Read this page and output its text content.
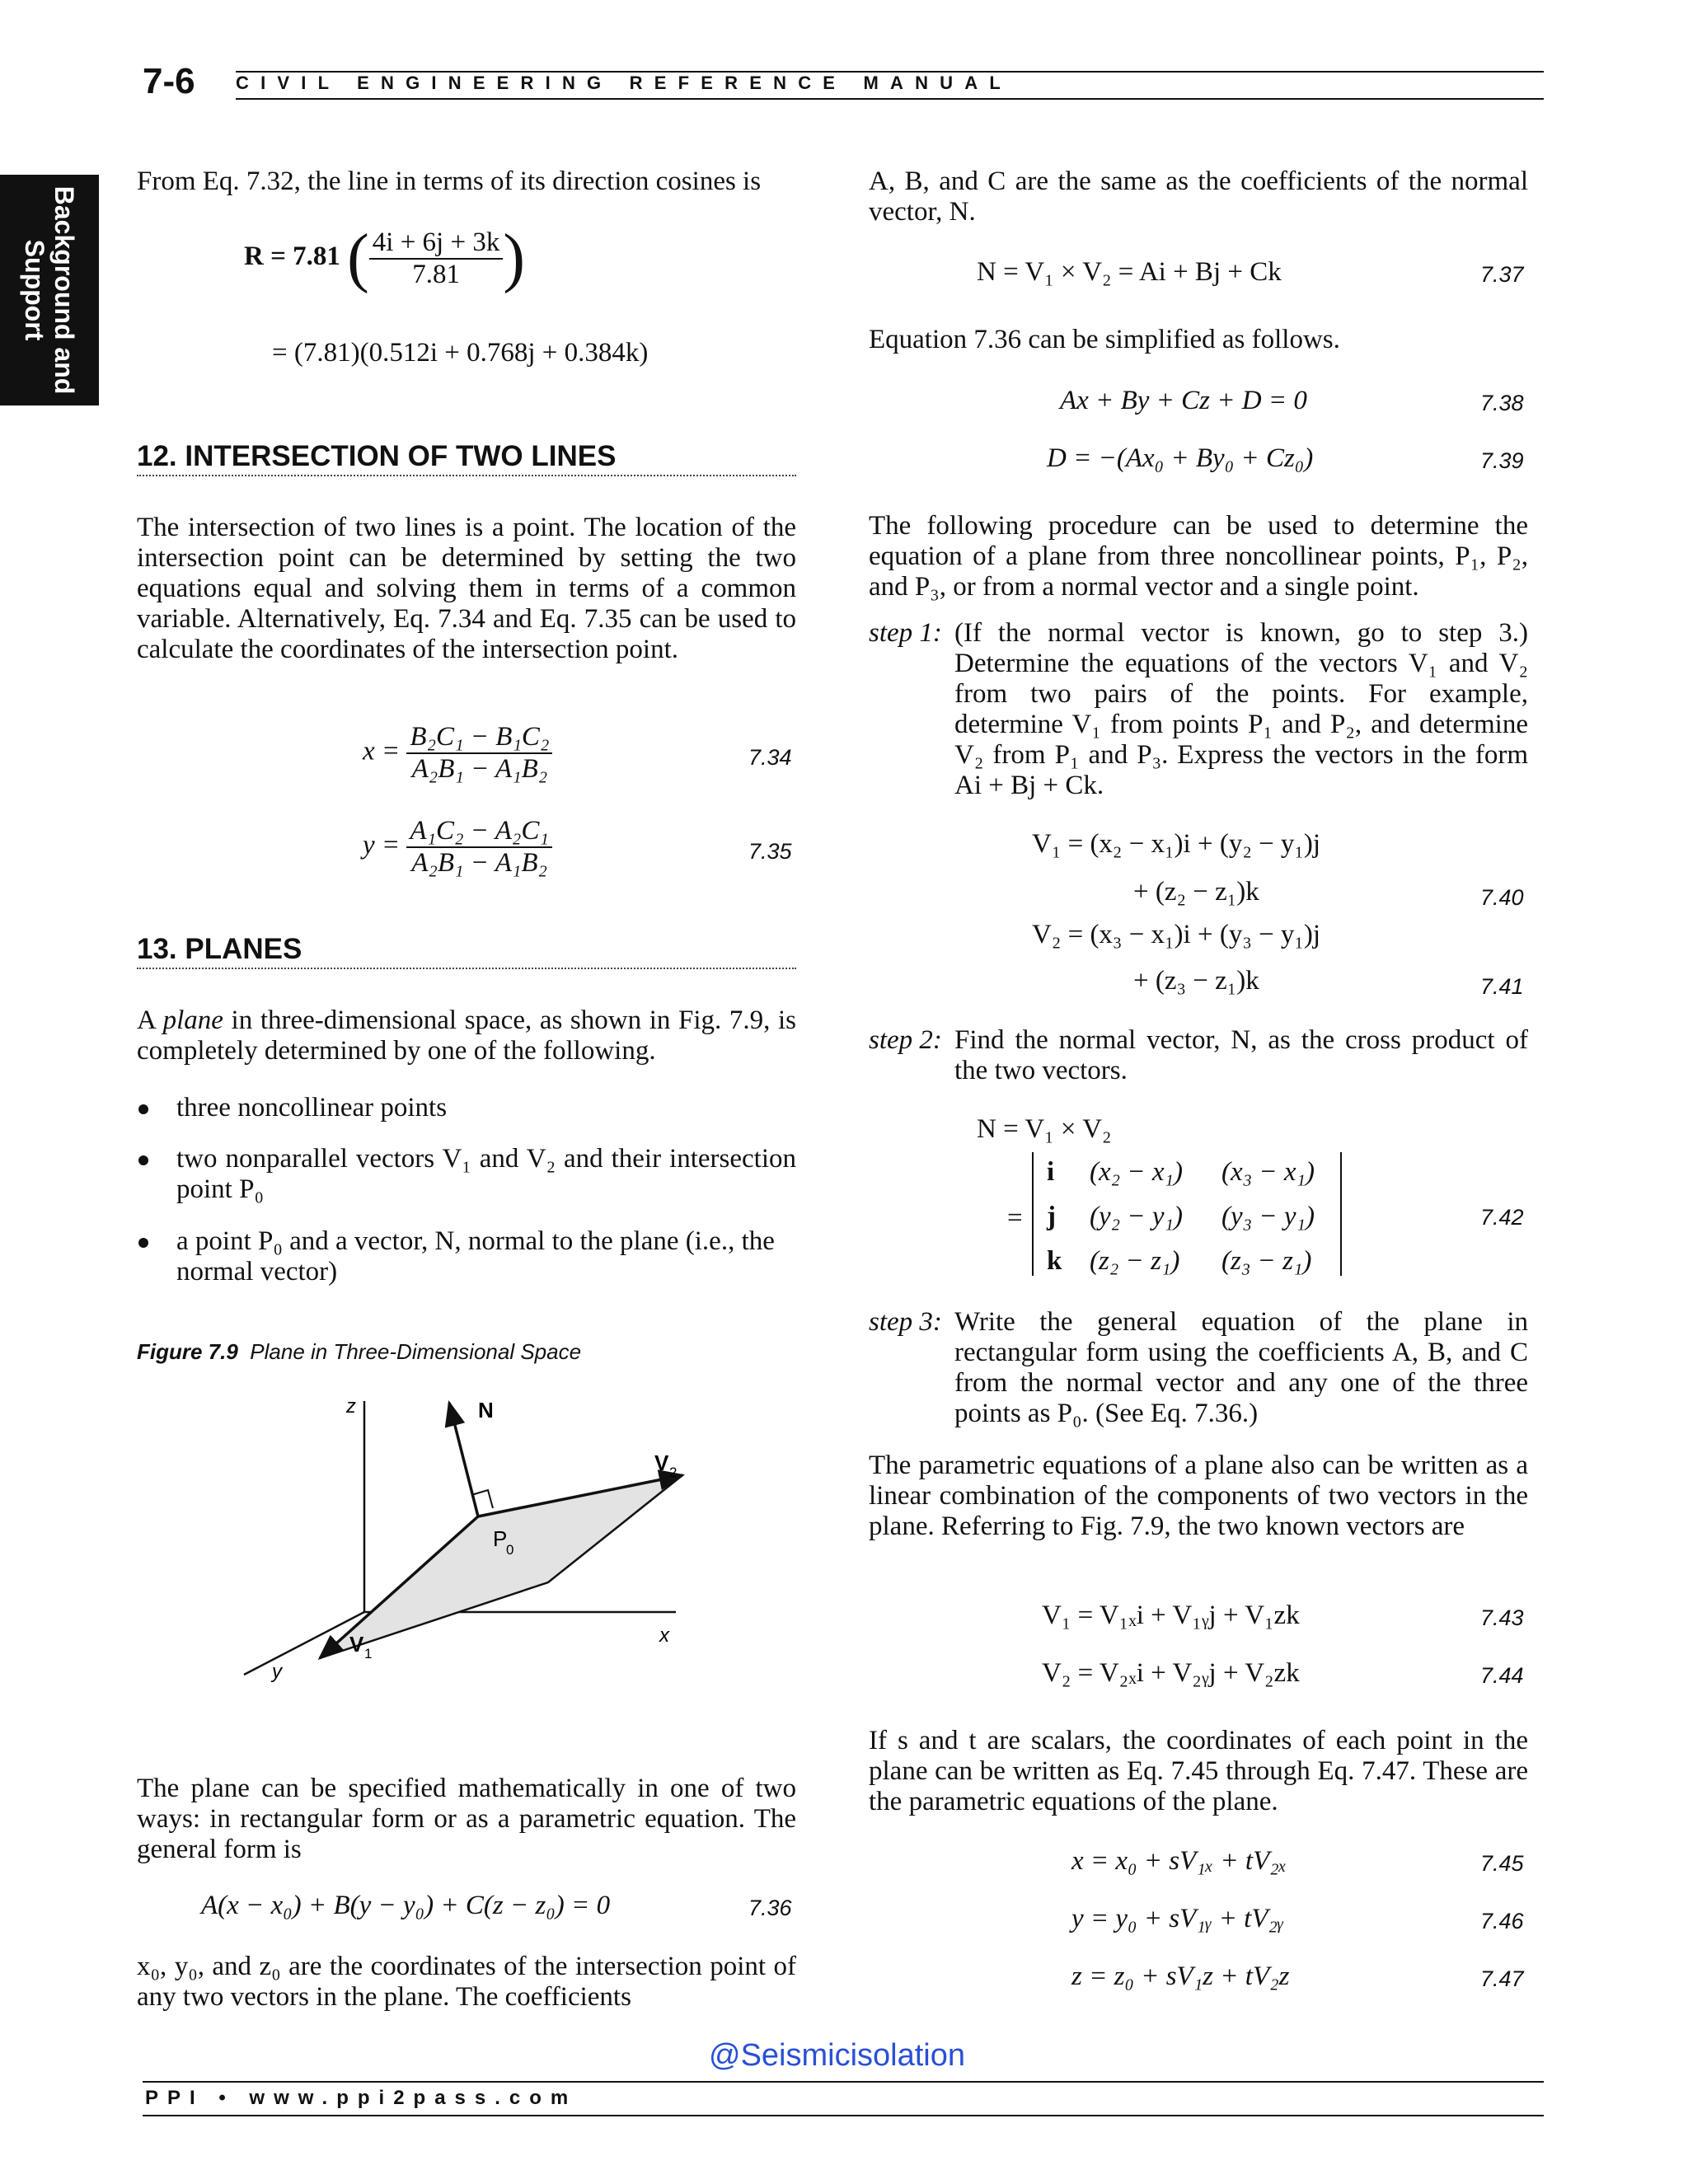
7-6 CIVIL ENGINEERING REFERENCE MANUAL
Background and
Support
From Eq. 7.32, the line in terms of its direction cosines is
R = 7.81 ( $\frac{4i + 6j + 3k}{7.81}$ )
= (7.81)(0.512i + 0.768j + 0.384k)
12. INTERSECTION OF TWO LINES
The intersection of two lines is a point. The location of the intersection point can be determined by setting the two equations equal and solving them in terms of a common variable. Alternatively, Eq. 7.34 and Eq. 7.35 can be used to calculate the coordinates of the intersection point.
$x = \frac{\text{B₂C₁ − B₁C₂}}{\text{A₂B₁ − A₁B₂}}$	7.34
$y = \frac{\text{A₁C₂ − A₂C₁}}{\text{A₂B₁ − A₁B₂}}$	7.35
13. PLANES
A plane in three-dimensional space, as shown in Fig. 7.9, is completely determined by one of the following.
three noncollinear points
two nonparallel vectors V₁ and V₂ and their intersection point P₀
a point P₀ and a vector, N, normal to the plane (i.e., the normal vector)
Figure 7.9 Plane in Three-Dimensional Space
z
x
y
N
V 2
V 1
P
0
The plane can be specified mathematically in one of two ways: in rectangular form or as a parametric equation. The general form is
A(x − x₀) + B(y − y₀) + C(z − z₀) = 0	7.36
x₀, y₀, and z₀ are the coordinates of the intersection point of any two vectors in the plane. The coefficients
A, B, and C are the same as the coefficients of the normal vector, N.
N = V₁ × V₂ = Ai + Bj + Ck	7.37
Equation 7.36 can be simplified as follows.
Ax + By + Cz + D = 0	7.38
D = −(Ax₀ + By₀ + Cz₀)	7.39
The following procedure can be used to determine the equation of a plane from three noncollinear points, P₁, P₂, and P₃, or from a normal vector and a single point.
step 1: (If the normal vector is known, go to step 3.) Determine the equations of the vectors V₁ and V₂ from two pairs of the points. For example, determine V₁ from points P₁ and P₂, and determine V₂ from P₁ and P₃. Express the vectors in the form Ai + Bj + Ck.
V₁ = (x₂ − x₁)i + (y₂ − y₁)j
+ (z₂ − z₁)k	7.40
V₂ = (x₃ − x₁)i + (y₃ − y₁)j
+ (z₃ − z₁)k	7.41
step 2: Find the normal vector, N, as the cross product of the two vectors.
N = V₁ × V₂
=
i (x₂ − x₁) (x₃ − x₁)
j (y₂ − y₁) (y₃ − y₁)
k (z₂ − z₁) (z₃ − z₁)
7.42
step 3: Write the general equation of the plane in rectangular form using the coefficients A, B, and C from the normal vector and any one of the three points as P₀. (See Eq. 7.36.)
The parametric equations of a plane also can be written as a linear combination of the components of two vectors in the plane. Referring to Fig. 7.9, the two known vectors are
V₁ = V₁ₓi + V₁ᵧj + V₁zk	7.43
V₂ = V₂ₓi + V₂ᵧj + V₂zk	7.44
If s and t are scalars, the coordinates of each point in the plane can be written as Eq. 7.45 through Eq. 7.47. These are the parametric equations of the plane.
x = x₀ + sV₁ₓ + tV₂ₓ	7.45
y = y₀ + sV₁ᵧ + tV₂ᵧ	7.46
z = z₀ + sV₁z + tV₂z	7.47
@Seismicisolation
PPI • www.ppi2pass.com
